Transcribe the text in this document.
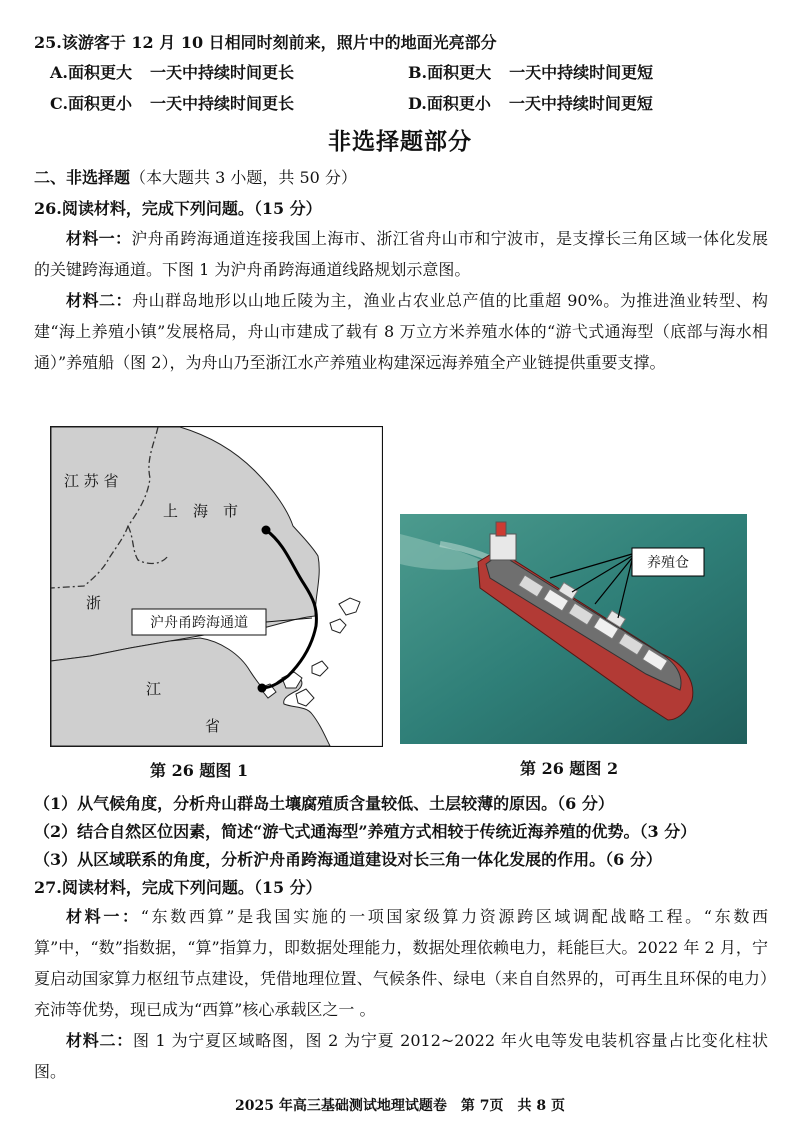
25.该游客于 12 月 10 日相同时刻前来，照片中的地面光亮部分
A.面积更大 一天中持续时间更长	B.面积更大 一天中持续时间更短
C.面积更小 一天中持续时间更长	D.面积更小 一天中持续时间更短
非选择题部分
二、非选择题（本大题共 3 小题，共 50 分）
26.阅读材料，完成下列问题。（15 分）
材料一：沪舟甬跨海通道连接我国上海市、浙江省舟山市和宁波市，是支撑长三角区域一体化发展的关键跨海通道。下图 1 为沪舟甬跨海通道线路规划示意图。
材料二：舟山群岛地形以山地丘陵为主，渔业占农业总产值的比重超 90%。为推进渔业转型、构建“海上养殖小镇”发展格局，舟山市建成了载有 8 万立方米养殖水体的“游弋式通海型（底部与海水相通）”养殖船（图 2），为舟山乃至浙江水产养殖业构建深远海养殖全产业链提供重要支撑。
沪舟甬跨海通道
江 苏 省
上　海　市
浙
江
省
养殖仓
第 26 题图 1	第 26 题图 2
（1）从气候角度，分析舟山群岛土壤腐殖质含量较低、土层较薄的原因。（6 分）
（2）结合自然区位因素，简述“游弋式通海型”养殖方式相较于传统近海养殖的优势。（3 分）
（3）从区域联系的角度，分析沪舟甬跨海通道建设对长三角一体化发展的作用。（6 分）
27.阅读材料，完成下列问题。（15 分）
材料一：“东数西算”是我国实施的一项国家级算力资源跨区域调配战略工程。“东数西算”中，“数”指数据，“算”指算力，即数据处理能力，数据处理依赖电力，耗能巨大。2022 年 2 月，宁夏启动国家算力枢纽节点建设，凭借地理位置、气候条件、绿电（来自自然界的，可再生且环保的电力）充沛等优势，现已成为“西算”核心承载区之一 。
材料二：图 1 为宁夏区域略图，图 2 为宁夏 2012~2022 年火电等发电装机容量占比变化柱状图。
2025 年高三基础测试地理试题卷　第 7页　共 8 页
